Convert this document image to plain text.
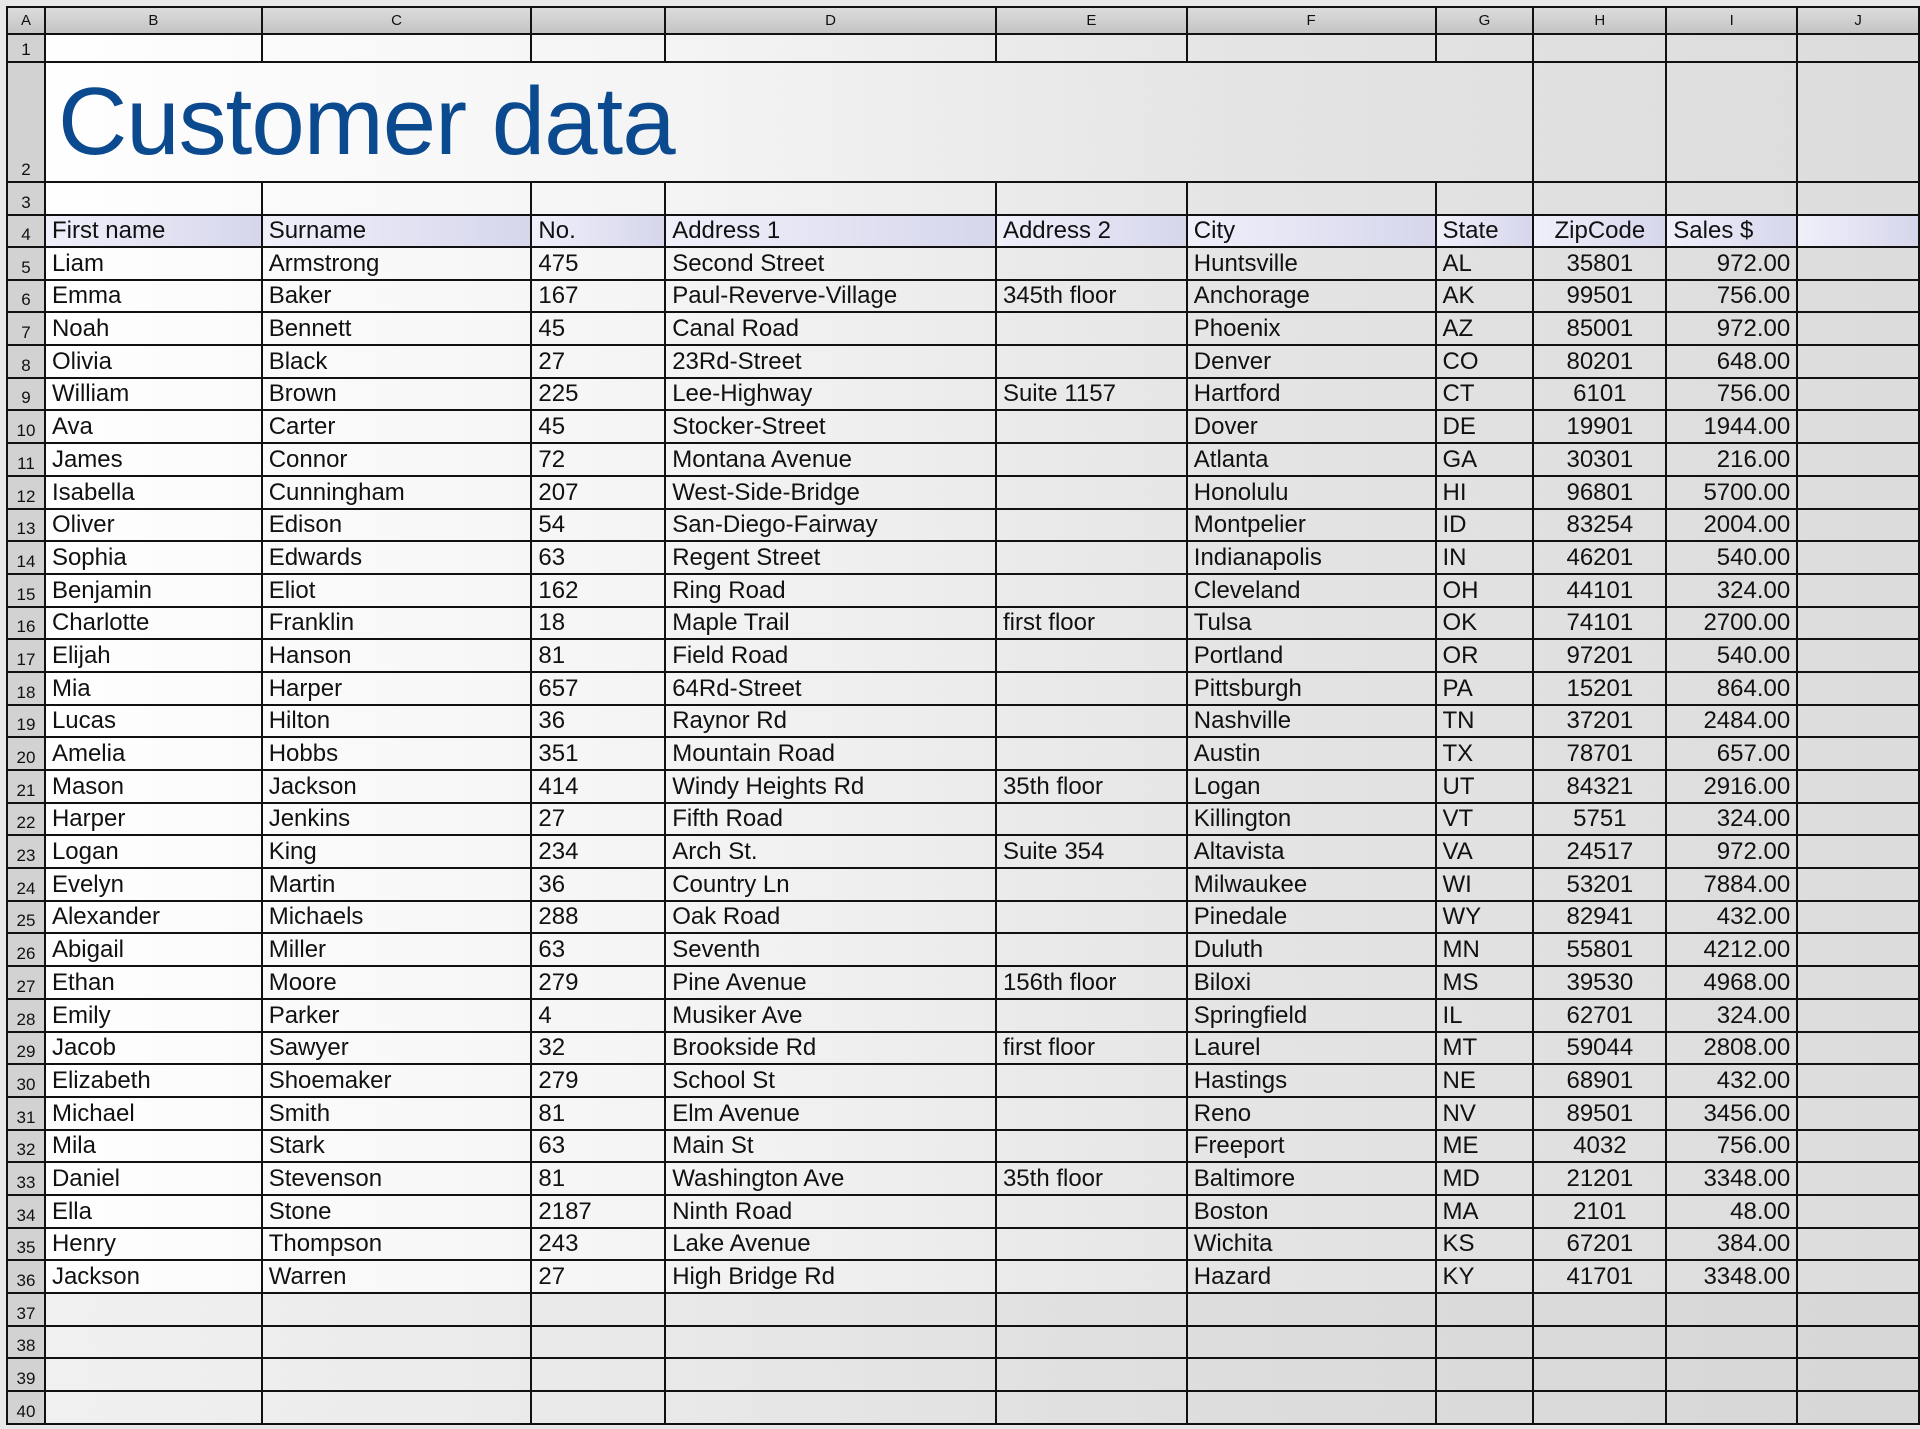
A	B	C		D	E	F	G	H	I	J
1										
2	Customer data									
3										
4	First name	Surname	No.	Address 1	Address 2	City	State	ZipCode	Sales $	
5	Liam	Armstrong	475	Second Street		Huntsville	AL	35801	972.00	
6	Emma	Baker	167	Paul-Reverve-Village	345th floor	Anchorage	AK	99501	756.00	
7	Noah	Bennett	45	Canal Road		Phoenix	AZ	85001	972.00	
8	Olivia	Black	27	23Rd-Street		Denver	CO	80201	648.00	
9	William	Brown	225	Lee-Highway	Suite 1157	Hartford	CT	6101	756.00	
10	Ava	Carter	45	Stocker-Street		Dover	DE	19901	1944.00	
11	James	Connor	72	Montana Avenue		Atlanta	GA	30301	216.00	
12	Isabella	Cunningham	207	West-Side-Bridge		Honolulu	HI	96801	5700.00	
13	Oliver	Edison	54	San-Diego-Fairway		Montpelier	ID	83254	2004.00	
14	Sophia	Edwards	63	Regent Street		Indianapolis	IN	46201	540.00	
15	Benjamin	Eliot	162	Ring Road		Cleveland	OH	44101	324.00	
16	Charlotte	Franklin	18	Maple Trail	first floor	Tulsa	OK	74101	2700.00	
17	Elijah	Hanson	81	Field Road		Portland	OR	97201	540.00	
18	Mia	Harper	657	64Rd-Street		Pittsburgh	PA	15201	864.00	
19	Lucas	Hilton	36	Raynor Rd		Nashville	TN	37201	2484.00	
20	Amelia	Hobbs	351	Mountain Road		Austin	TX	78701	657.00	
21	Mason	Jackson	414	Windy Heights Rd	35th floor	Logan	UT	84321	2916.00	
22	Harper	Jenkins	27	Fifth Road		Killington	VT	5751	324.00	
23	Logan	King	234	Arch St.	Suite 354	Altavista	VA	24517	972.00	
24	Evelyn	Martin	36	Country Ln		Milwaukee	WI	53201	7884.00	
25	Alexander	Michaels	288	Oak Road		Pinedale	WY	82941	432.00	
26	Abigail	Miller	63	Seventh		Duluth	MN	55801	4212.00	
27	Ethan	Moore	279	Pine Avenue	156th floor	Biloxi	MS	39530	4968.00	
28	Emily	Parker	4	Musiker Ave		Springfield	IL	62701	324.00	
29	Jacob	Sawyer	32	Brookside Rd	first floor	Laurel	MT	59044	2808.00	
30	Elizabeth	Shoemaker	279	School St		Hastings	NE	68901	432.00	
31	Michael	Smith	81	Elm Avenue		Reno	NV	89501	3456.00	
32	Mila	Stark	63	Main St		Freeport	ME	4032	756.00	
33	Daniel	Stevenson	81	Washington Ave	35th floor	Baltimore	MD	21201	3348.00	
34	Ella	Stone	2187	Ninth Road		Boston	MA	2101	48.00	
35	Henry	Thompson	243	Lake Avenue		Wichita	KS	67201	384.00	
36	Jackson	Warren	27	High Bridge Rd		Hazard	KY	41701	3348.00	
37										
38										
39										
40										
